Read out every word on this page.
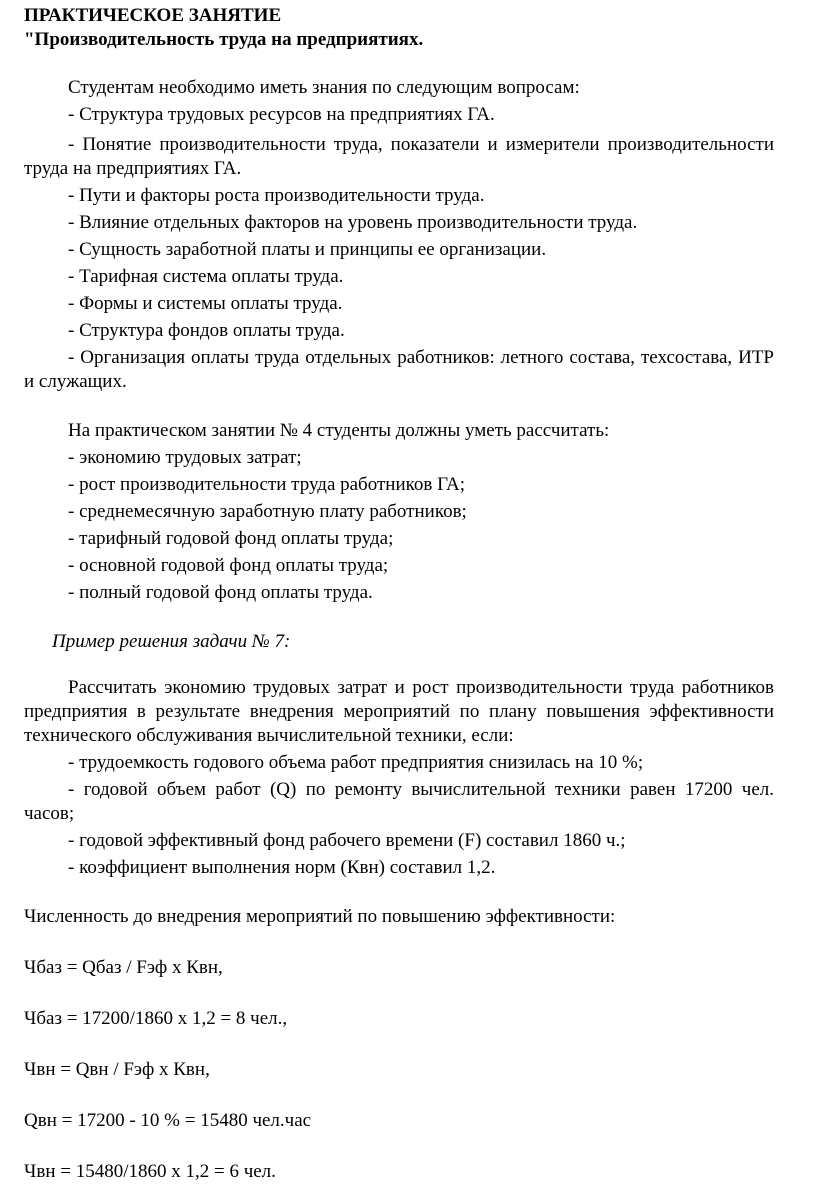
ПРАКТИЧЕСКОЕ ЗАНЯТИЕ

"Производительность труда на предприятиях.

Студентам необходимо иметь знания по следующим вопросам:

- Структура трудовых ресурсов на предприятиях ГА.

- Понятие производительности труда, показатели и измерители производительности труда на предприятиях ГА.

- Пути и факторы роста производительности труда.

- Влияние отдельных факторов на уровень производительности труда.

- Сущность заработной платы и принципы ее организации.

- Тарифная система оплаты труда.

- Формы и системы оплаты труда.

- Структура фондов оплаты труда.

- Организация оплаты труда отдельных работников: летного состава, техсостава, ИТР и служащих.

На практическом занятии № 4 студенты должны уметь рассчитать:

- экономию трудовых затрат;

- рост производительности труда работников ГА;

- среднемесячную заработную плату работников;

- тарифный годовой фонд оплаты труда;

- основной годовой фонд оплаты труда;

- полный годовой фонд оплаты труда.

Пример решения задачи № 7:

Рассчитать экономию трудовых затрат и рост производительности труда работников предприятия в результате внедрения мероприятий по плану повышения эффективности технического обслуживания вычислительной техники, если:

- трудоемкость годового объема работ предприятия снизилась на 10 %;

- годовой объем работ (Q) по ремонту вычислительной техники равен 17200 чел. часов;

- годовой эффективный фонд рабочего времени (F) составил 1860 ч.;

- коэффициент выполнения норм (Квн) составил 1,2.

Численность до внедрения мероприятий по повышению эффективности:

Чбаз = Qбаз / Fэф х Квн,

Чбаз = 17200/1860 х 1,2 = 8 чел.,

Чвн = Qвн / Fэф х Квн,

Qвн = 17200 - 10 % = 15480 чел.час

Чвн = 15480/1860 х 1,2 = 6 чел.
